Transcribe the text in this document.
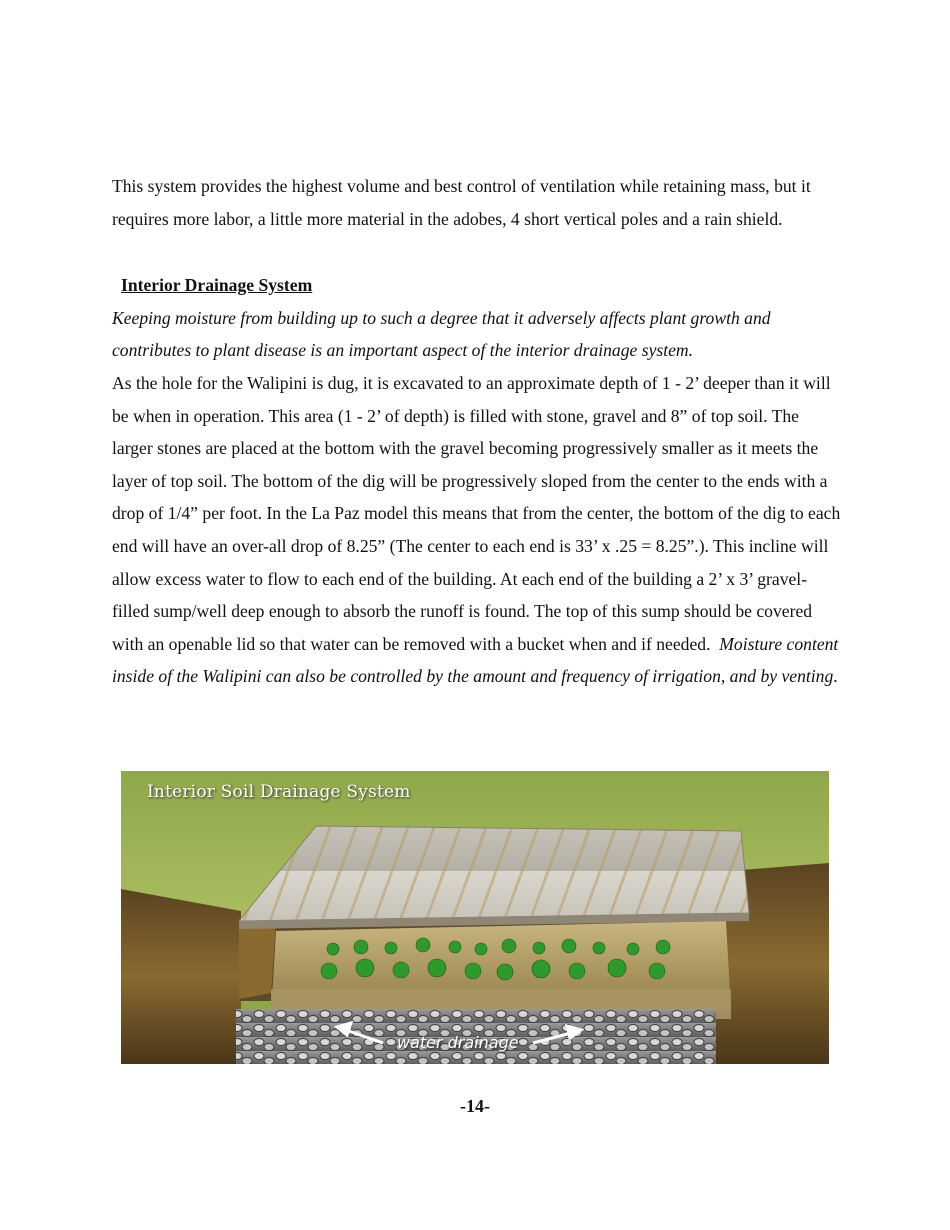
This system provides the highest volume and best control of ventilation while retaining mass, but it requires more labor, a little more material in the adobes, 4 short vertical poles and a rain shield.

Interior Drainage System

Keeping moisture from building up to such a degree that it adversely affects plant growth and contributes to plant disease is an important aspect of the interior drainage system.

As the hole for the Walipini is dug, it is excavated to an approximate depth of 1 - 2’ deeper than it will be when in operation. This area (1 - 2’ of depth) is filled with stone, gravel and 8” of top soil. The larger stones are placed at the bottom with the gravel becoming progressively smaller as it meets the layer of top soil. The bottom of the dig will be progressively sloped from the center to the ends with a drop of 1/4” per foot. In the La Paz model this means that from the center, the bottom of the dig to each end will have an over-all drop of 8.25” (The center to each end is 33’ x .25 = 8.25”.). This incline will allow excess water to flow to each end of the building. At each end of the building a 2’ x 3’ gravel-filled sump/well deep enough to absorb the runoff is found. The top of this sump should be covered with an openable lid so that water can be removed with a bucket when and if needed. Moisture content inside of the Walipini can also be controlled by the amount and frequency of irrigation, and by venting.

Interior Soil Drainage System
water drainage
-14-
